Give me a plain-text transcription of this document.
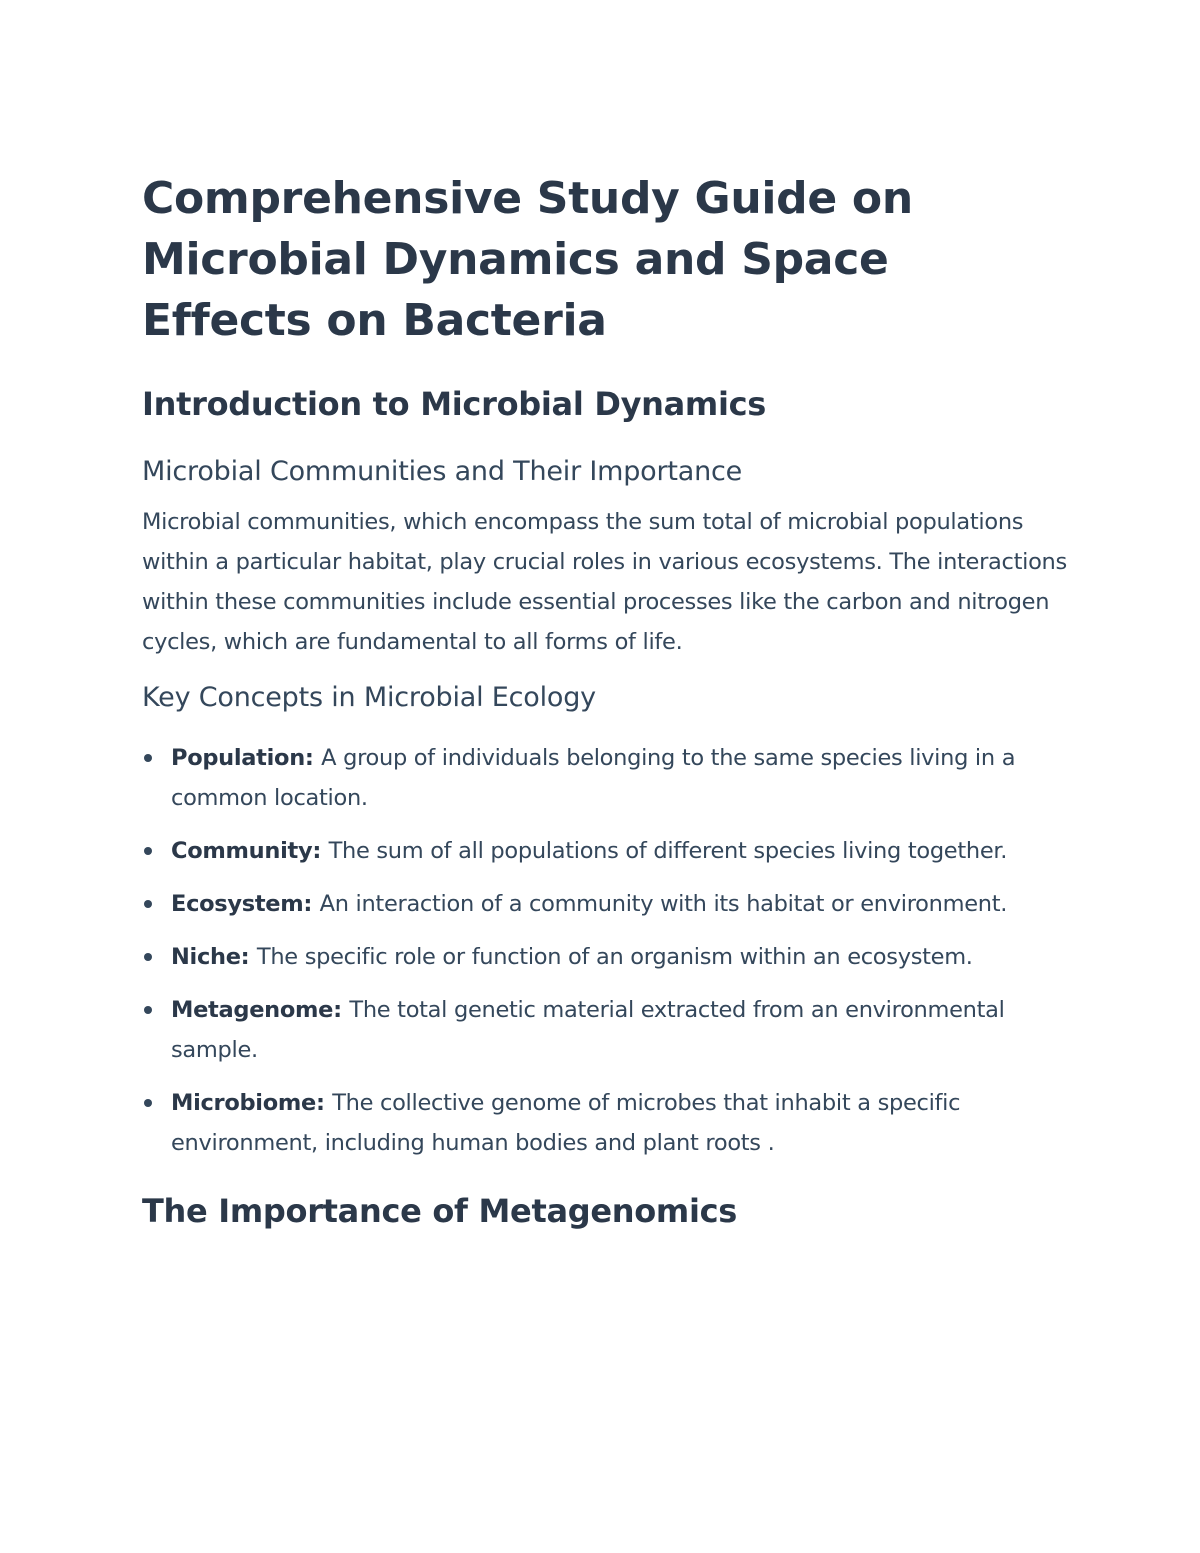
Comprehensive Study Guide on Microbial Dynamics and Space Effects on Bacteria
Introduction to Microbial Dynamics
Microbial Communities and Their Importance

Microbial communities, which encompass the sum total of microbial populations within a particular habitat, play crucial roles in various ecosystems. The interactions within these communities include essential processes like the carbon and nitrogen cycles, which are fundamental to all forms of life.

Key Concepts in Microbial Ecology
Population: A group of individuals belonging to the same species living in a common location.
Community: The sum of all populations of different species living together.
Ecosystem: An interaction of a community with its habitat or environment.
Niche: The specific role or function of an organism within an ecosystem.
Metagenome: The total genetic material extracted from an environmental sample.
Microbiome: The collective genome of microbes that inhabit a specific environment, including human bodies and plant roots .
The Importance of Metagenomics
